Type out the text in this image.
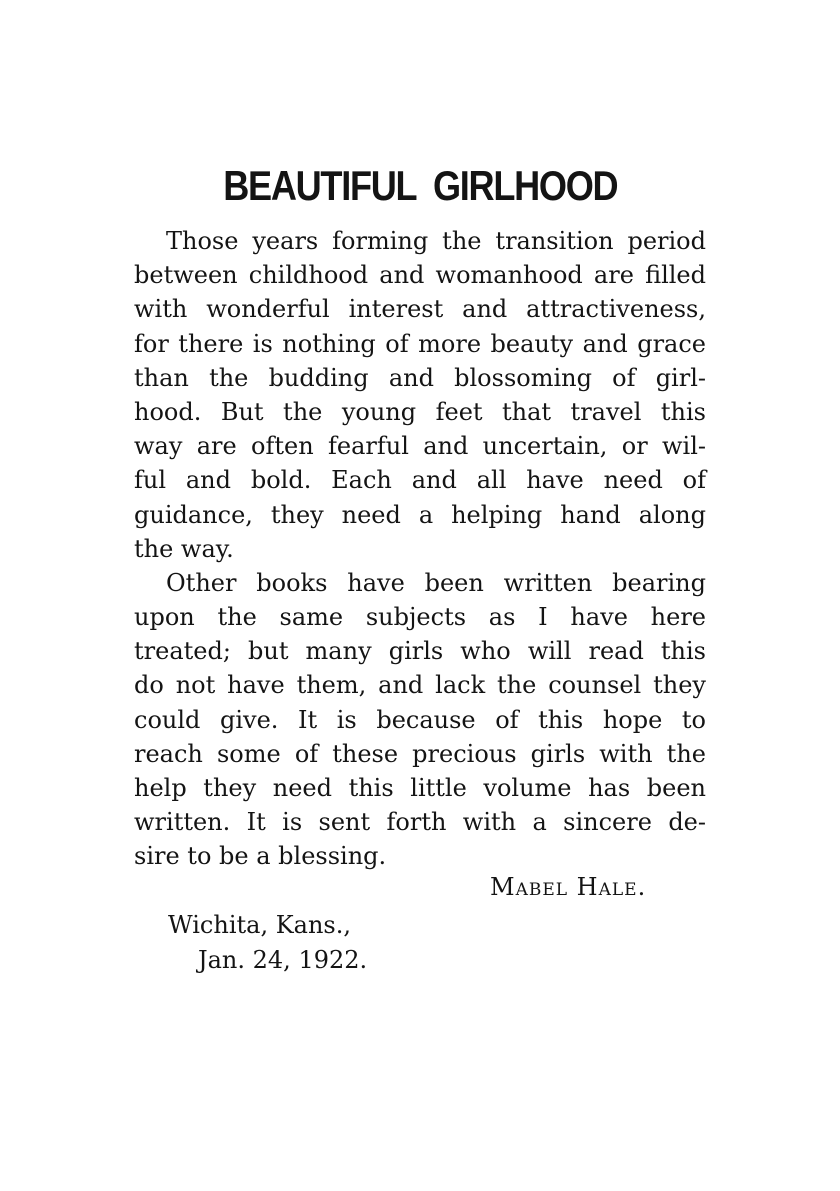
BEAUTIFUL GIRLHOOD
Those years forming the transition period
between childhood and womanhood are filled
with wonderful interest and attractiveness,
for there is nothing of more beauty and grace
than the budding and blossoming of girl-
hood. But the young feet that travel this
way are often fearful and uncertain, or wil-
ful and bold. Each and all have need of
guidance, they need a helping hand along
the way.
Other books have been written bearing
upon the same subjects as I have here
treated; but many girls who will read this
do not have them, and lack the counsel they
could give. It is because of this hope to
reach some of these precious girls with the
help they need this little volume has been
written. It is sent forth with a sincere de-
sire to be a blessing.
Mabel Hale.
Wichita, Kans.,
Jan. 24, 1922.
